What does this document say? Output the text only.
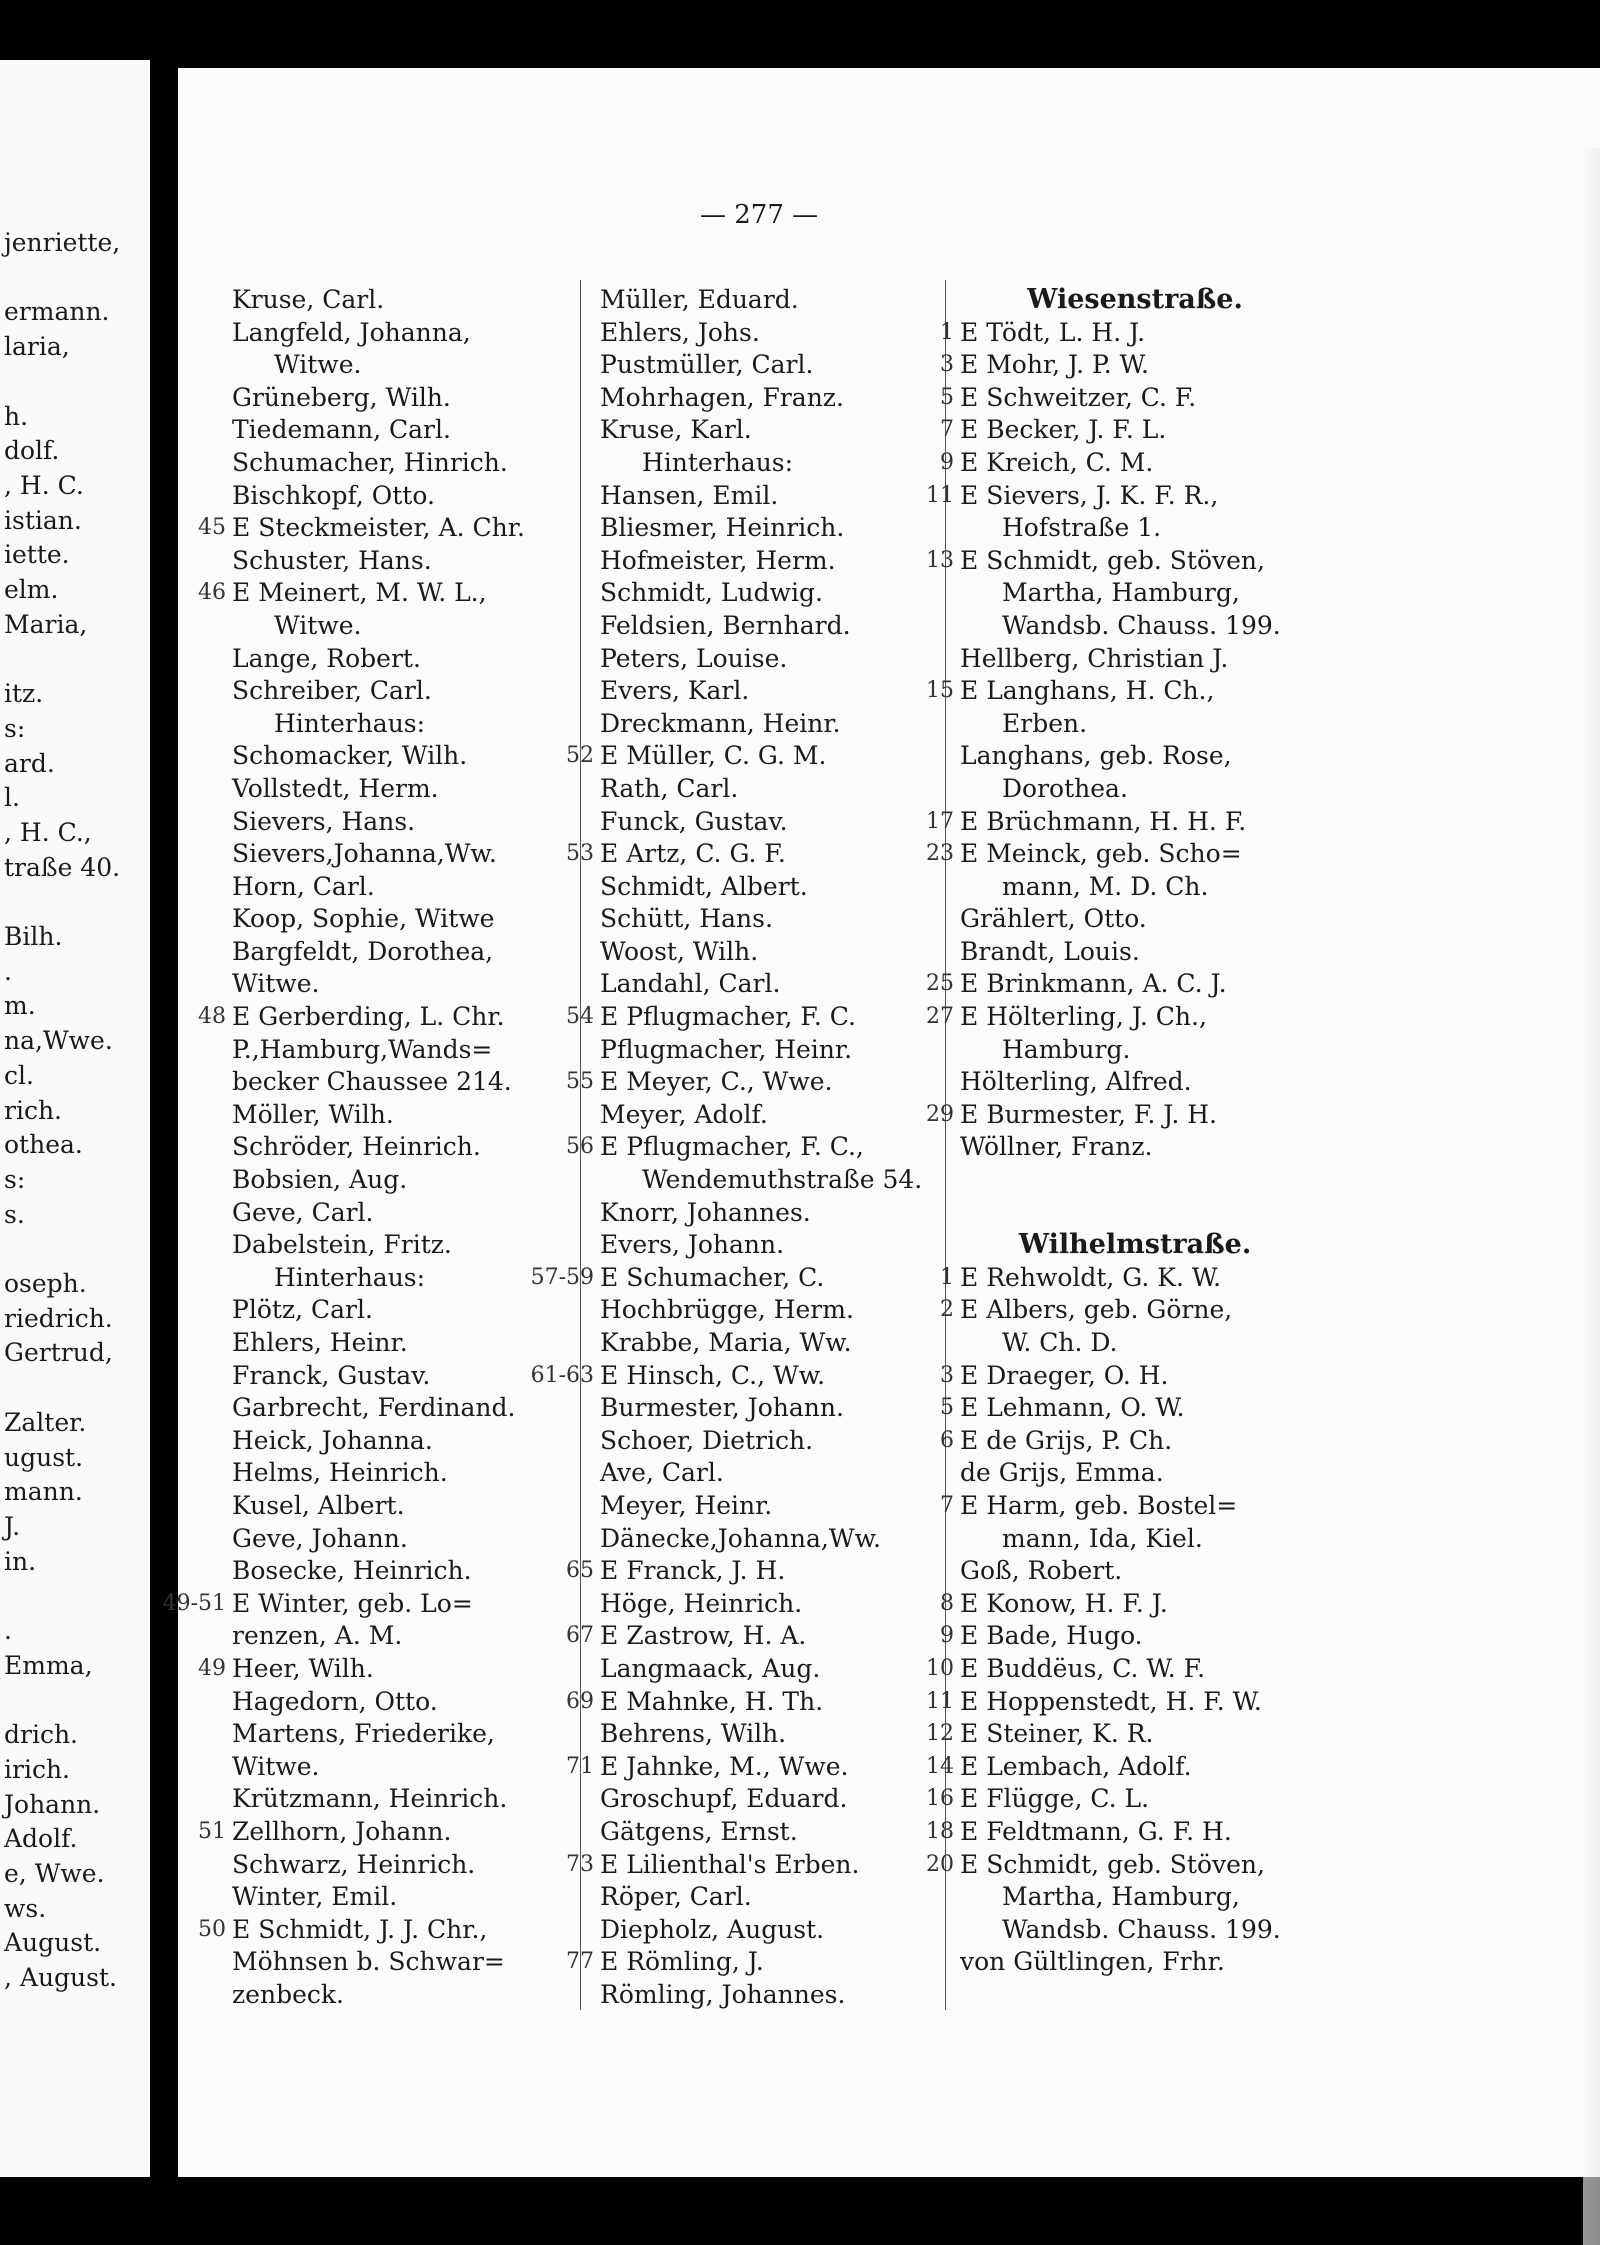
jenriette,
ermann.
laria,
h.
dolf.
, H. C.
istian.
iette.
elm.
Maria,
itz.
s:
ard.
l.
, H. C.,
traße 40.
Bilh.
.
m.
na,Wwe.
cl.
rich.
othea.
s:
s.
oseph.
riedrich.
Gertrud,
Zalter.
ugust.
mann.
J.
in.
.
Emma,
drich.
irich.
Johann.
Adolf.
e, Wwe.
ws.
August.
, August.
— 277 —
Kruse, Carl.
Langfeld, Johanna,
Witwe.
Grüneberg, Wilh.
Tiedemann, Carl.
Schumacher, Hinrich.
Bischkopf, Otto.
45 E Steckmeister, A. Chr.
Schuster, Hans.
46 E Meinert, M. W. L.,
Witwe.
Lange, Robert.
Schreiber, Carl.
Hinterhaus:
Schomacker, Wilh.
Vollstedt, Herm.
Sievers, Hans.
Sievers,Johanna,Ww.
Horn, Carl.
Koop, Sophie, Witwe
Bargfeldt, Dorothea,
Witwe.
48 E Gerberding, L. Chr.
P.,Hamburg,Wands=
becker Chaussee 214.
Möller, Wilh.
Schröder, Heinrich.
Bobsien, Aug.
Geve, Carl.
Dabelstein, Fritz.
Hinterhaus:
Plötz, Carl.
Ehlers, Heinr.
Franck, Gustav.
Garbrecht, Ferdinand.
Heick, Johanna.
Helms, Heinrich.
Kusel, Albert.
Geve, Johann.
Bosecke, Heinrich.
49-51 E Winter, geb. Lo=
renzen, A. M.
49 Heer, Wilh.
Hagedorn, Otto.
Martens, Friederike,
Witwe.
Krützmann, Heinrich.
51 Zellhorn, Johann.
Schwarz, Heinrich.
Winter, Emil.
50 E Schmidt, J. J. Chr.,
Möhnsen b. Schwar=
zenbeck.
Müller, Eduard.
Ehlers, Johs.
Pustmüller, Carl.
Mohrhagen, Franz.
Kruse, Karl.
Hinterhaus:
Hansen, Emil.
Bliesmer, Heinrich.
Hofmeister, Herm.
Schmidt, Ludwig.
Feldsien, Bernhard.
Peters, Louise.
Evers, Karl.
Dreckmann, Heinr.
52 E Müller, C. G. M.
Rath, Carl.
Funck, Gustav.
53 E Artz, C. G. F.
Schmidt, Albert.
Schütt, Hans.
Woost, Wilh.
Landahl, Carl.
54 E Pflugmacher, F. C.
Pflugmacher, Heinr.
55 E Meyer, C., Wwe.
Meyer, Adolf.
56 E Pflugmacher, F. C.,
Wendemuthstraße 54.
Knorr, Johannes.
Evers, Johann.
57-59 E Schumacher, C.
Hochbrügge, Herm.
Krabbe, Maria, Ww.
61-63 E Hinsch, C., Ww.
Burmester, Johann.
Schoer, Dietrich.
Ave, Carl.
Meyer, Heinr.
Dänecke,Johanna,Ww.
65 E Franck, J. H.
Höge, Heinrich.
67 E Zastrow, H. A.
Langmaack, Aug.
69 E Mahnke, H. Th.
Behrens, Wilh.
71 E Jahnke, M., Wwe.
Groschupf, Eduard.
Gätgens, Ernst.
73 E Lilienthal's Erben.
Röper, Carl.
Diepholz, August.
77 E Römling, J.
Römling, Johannes.
Wiesenstraße.
1 E Tödt, L. H. J.
3 E Mohr, J. P. W.
5 E Schweitzer, C. F.
7 E Becker, J. F. L.
9 E Kreich, C. M.
11 E Sievers, J. K. F. R.,
Hofstraße 1.
13 E Schmidt, geb. Stöven,
Martha, Hamburg,
Wandsb. Chauss. 199.
Hellberg, Christian J.
15 E Langhans, H. Ch.,
Erben.
Langhans, geb. Rose,
Dorothea.
17 E Brüchmann, H. H. F.
23 E Meinck, geb. Scho=
mann, M. D. Ch.
Grählert, Otto.
Brandt, Louis.
25 E Brinkmann, A. C. J.
27 E Hölterling, J. Ch.,
Hamburg.
Hölterling, Alfred.
29 E Burmester, F. J. H.
Wöllner, Franz.
Wilhelmstraße.
1 E Rehwoldt, G. K. W.
2 E Albers, geb. Görne,
W. Ch. D.
3 E Draeger, O. H.
5 E Lehmann, O. W.
6 E de Grijs, P. Ch.
de Grijs, Emma.
7 E Harm, geb. Bostel=
mann, Ida, Kiel.
Goß, Robert.
8 E Konow, H. F. J.
9 E Bade, Hugo.
10 E Buddëus, C. W. F.
11 E Hoppenstedt, H. F. W.
12 E Steiner, K. R.
14 E Lembach, Adolf.
16 E Flügge, C. L.
18 E Feldtmann, G. F. H.
20 E Schmidt, geb. Stöven,
Martha, Hamburg,
Wandsb. Chauss. 199.
von Gültlingen, Frhr.
